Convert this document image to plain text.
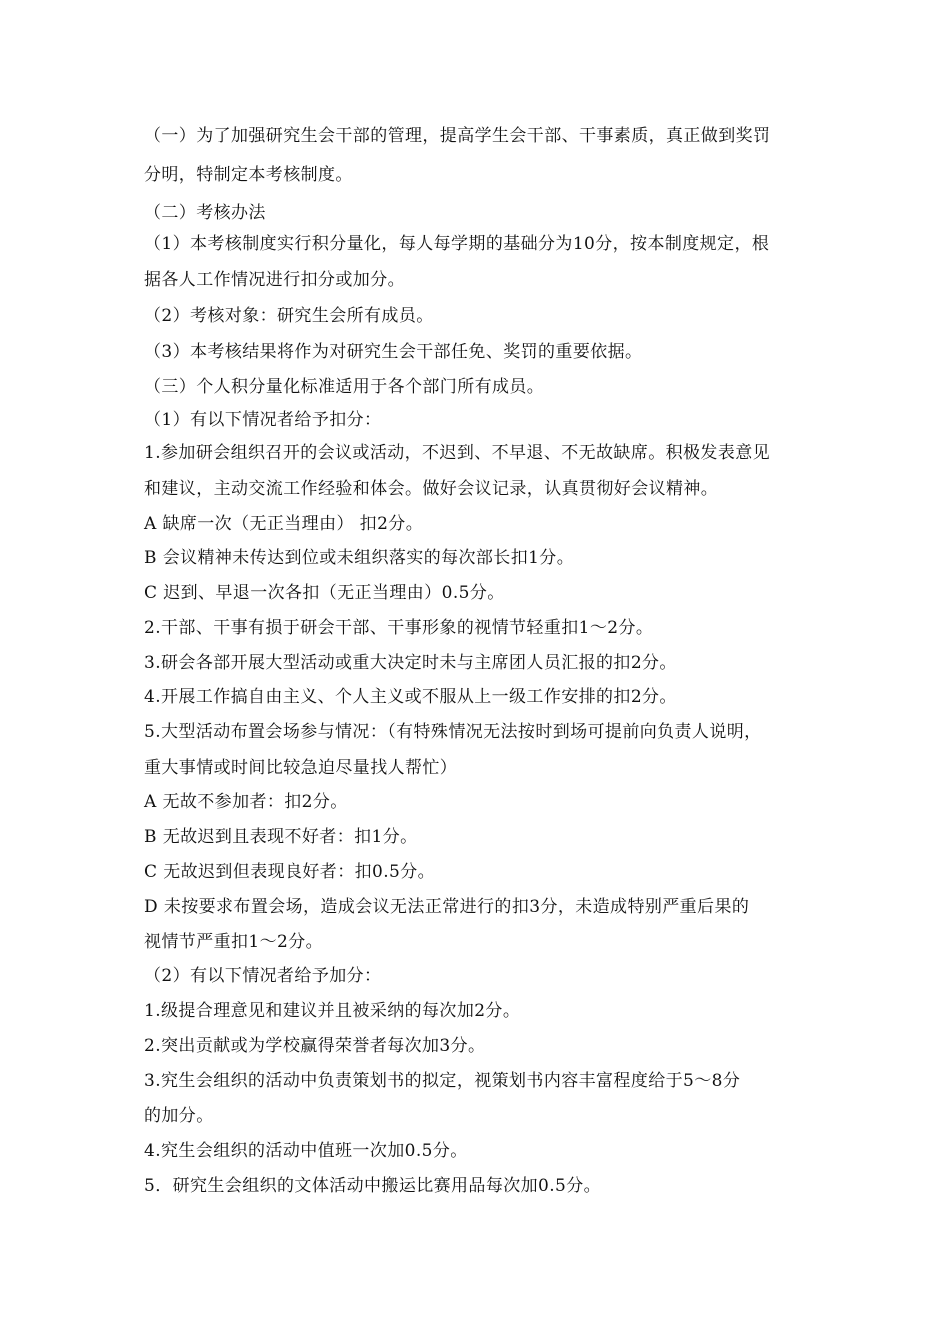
（一）为了加强研究生会干部的管理，提高学生会干部、干事素质，真正做到奖罚
分明，特制定本考核制度。
（二）考核办法
（1）本考核制度实行积分量化，每人每学期的基础分为10分，按本制度规定，根
据各人工作情况进行扣分或加分。
（2）考核对象：研究生会所有成员。
（3）本考核结果将作为对研究生会干部任免、奖罚的重要依据。
（三）个人积分量化标准适用于各个部门所有成员。
（1）有以下情况者给予扣分：
1.参加研会组织召开的会议或活动，不迟到、不早退、不无故缺席。积极发表意见
和建议，主动交流工作经验和体会。做好会议记录，认真贯彻好会议精神。
A 缺席一次（无正当理由） 扣2分。
B 会议精神未传达到位或未组织落实的每次部长扣1分。
C 迟到、早退一次各扣（无正当理由）0.5分。
2.干部、干事有损于研会干部、干事形象的视情节轻重扣1～2分。
3.研会各部开展大型活动或重大决定时未与主席团人员汇报的扣2分。
4.开展工作搞自由主义、个人主义或不服从上一级工作安排的扣2分。
5.大型活动布置会场参与情况：（有特殊情况无法按时到场可提前向负责人说明，
重大事情或时间比较急迫尽量找人帮忙）
A 无故不参加者：扣2分。
B 无故迟到且表现不好者：扣1分。
C 无故迟到但表现良好者：扣0.5分。
D 未按要求布置会场，造成会议无法正常进行的扣3分，未造成特别严重后果的
视情节严重扣1～2分。
（2）有以下情况者给予加分：
1.级提合理意见和建议并且被采纳的每次加2分。
2.突出贡献或为学校赢得荣誉者每次加3分。
3.究生会组织的活动中负责策划书的拟定，视策划书内容丰富程度给于5～8分
的加分。
4.究生会组织的活动中值班一次加0.5分。
5．研究生会组织的文体活动中搬运比赛用品每次加0.5分。
